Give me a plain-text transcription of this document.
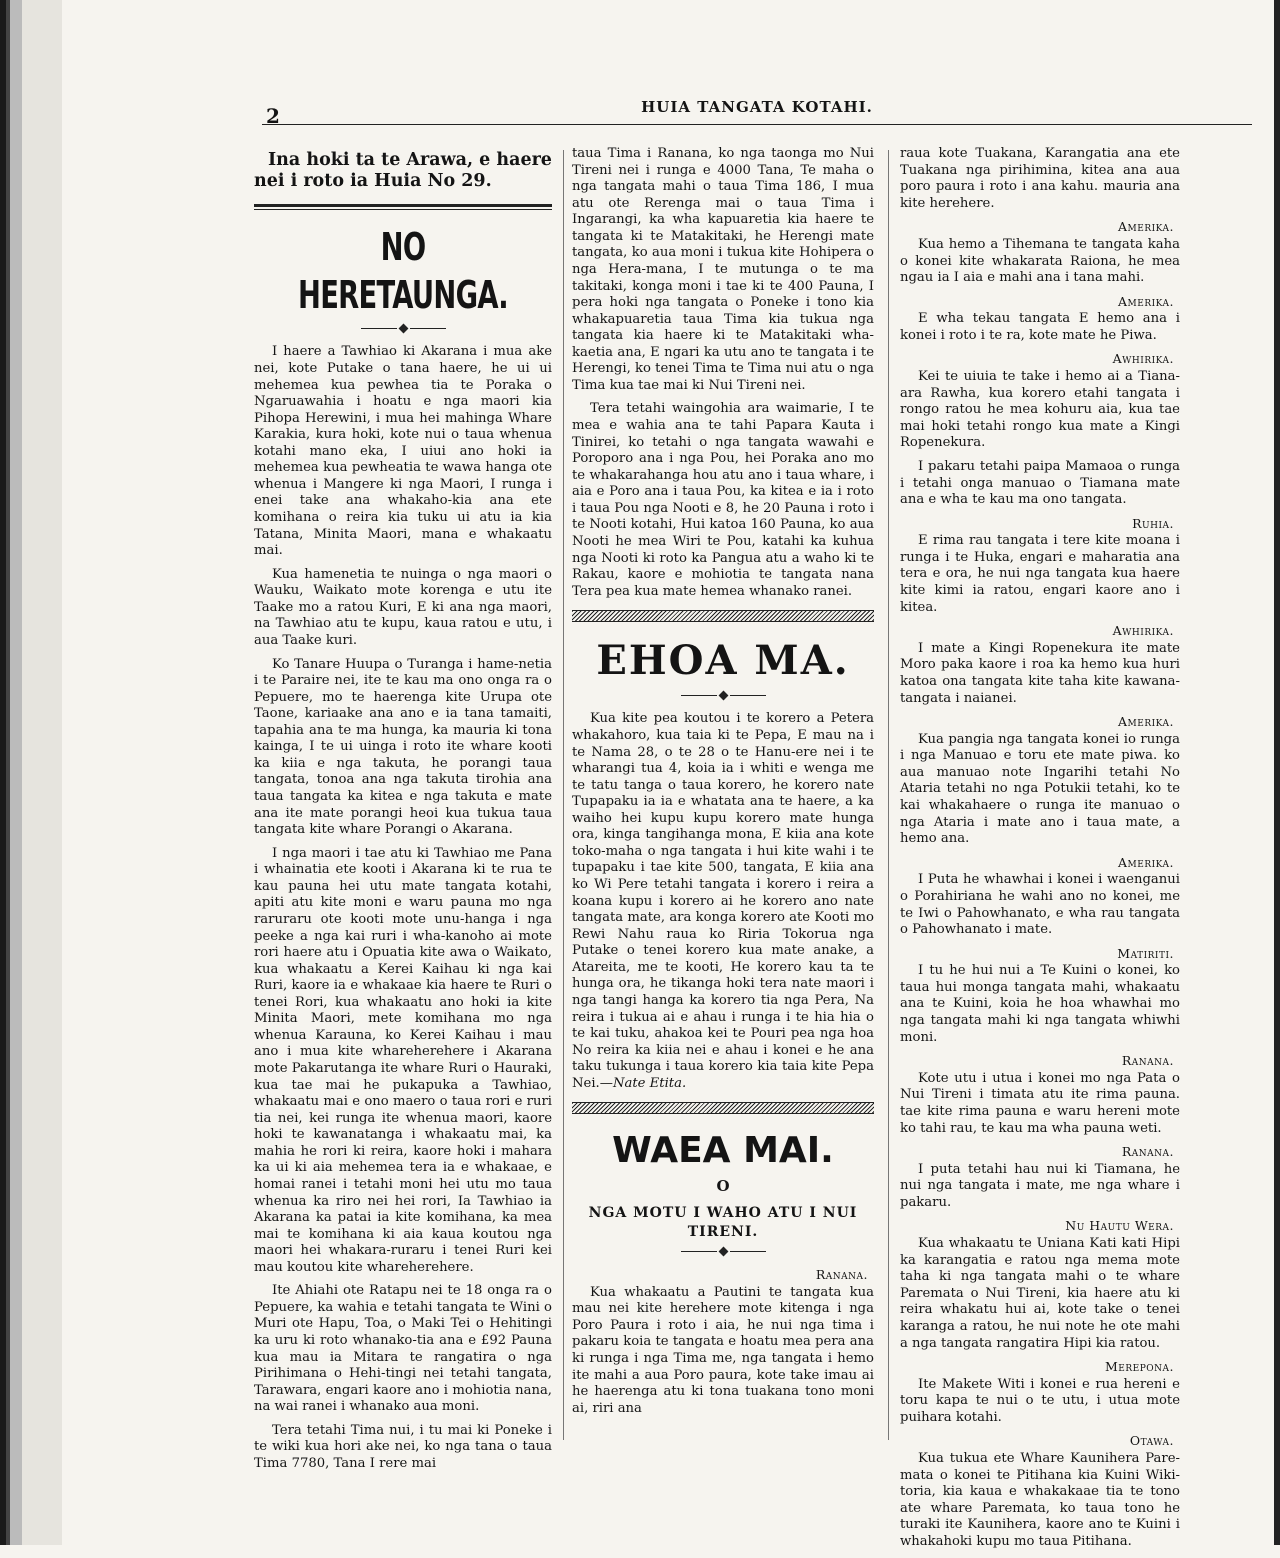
2	HUIA TANGATA KOTAHI.
Ina hoki ta te Arawa, e haere nei i roto ia Huia No 29.
NO HERETAUNGA.

I haere a Tawhiao ki Akarana i mua ake nei, kote Putake o tana haere, he ui ui mehemea kua pewhea tia te Poraka o Ngaruawahia i hoatu e nga maori kia Pihopa Herewini, i mua hei mahinga Whare Karakia, kura hoki, kote nui o taua whenua kotahi mano eka, I uiui ano hoki ia mehemea kua pewheatia te wawa hanga ote whenua i Mangere ki nga Maori, I runga i enei take ana whakaho-kia ana ete komihana o reira kia tuku ui atu ia kia Tatana, Minita Maori, mana e whakaatu mai.

Kua hamenetia te nuinga o nga maori o Wauku, Waikato mote korenga e utu ite Taake mo a ratou Kuri, E ki ana nga maori, na Tawhiao atu te kupu, kaua ratou e utu, i aua Taake kuri.

Ko Tanare Huupa o Turanga i hame-netia i te Paraire nei, ite te kau ma ono onga ra o Pepuere, mo te haerenga kite Urupa ote Taone, kariaake ana ano e ia tana tamaiti, tapahia ana te ma hunga, ka mauria ki tona kainga, I te ui uinga i roto ite whare kooti ka kiia e nga takuta, he porangi taua tangata, tonoa ana nga takuta tirohia ana taua tangata ka kitea e nga takuta e mate ana ite mate porangi heoi kua tukua taua tangata kite whare Porangi o Akarana.

I nga maori i tae atu ki Tawhiao me Pana i whainatia ete kooti i Akarana ki te rua te kau pauna hei utu mate tangata kotahi, apiti atu kite moni e waru pauna mo nga raruraru ote kooti mote unu-hanga i nga peeke a nga kai ruri i wha-kanoho ai mote rori haere atu i Opuatia kite awa o Waikato, kua whakaatu a Kerei Kaihau ki nga kai Ruri, kaore ia e whakaae kia haere te Ruri o tenei Rori, kua whakaatu ano hoki ia kite Minita Maori, mete komihana mo nga whenua Karauna, ko Kerei Kaihau i mau ano i mua kite whareherehere i Akarana mote Pakarutanga ite whare Ruri o Hauraki, kua tae mai he pukapuka a Tawhiao, whakaatu mai e ono maero o taua rori e ruri tia nei, kei runga ite whenua maori, kaore hoki te kawanatanga i whakaatu mai, ka mahia he rori ki reira, kaore hoki i mahara ka ui ki aia mehemea tera ia e whakaae, e homai ranei i tetahi moni hei utu mo taua whenua ka riro nei hei rori, Ia Tawhiao ia Akarana ka patai ia kite komihana, ka mea mai te komihana ki aia kaua koutou nga maori hei whakara-ruraru i tenei Ruri kei mau koutou kite whareherehere.

Ite Ahiahi ote Ratapu nei te 18 onga ra o Pepuere, ka wahia e tetahi tangata te Wini o Muri ote Hapu, Toa, o Maki Tei o Hehitingi ka uru ki roto whanako-tia ana e £92 Pauna kua mau ia Mitara te rangatira o nga Pirihimana o Hehi-tingi nei tetahi tangata, Tarawara, engari kaore ano i mohiotia nana, na wai ranei i whanako aua moni.

Tera tetahi Tima nui, i tu mai ki Poneke i te wiki kua hori ake nei, ko nga tana o taua Tima 7780, Tana I rere mai

taua Tima i Ranana, ko nga taonga mo Nui Tireni nei i runga e 4000 Tana, Te maha o nga tangata mahi o taua Tima 186, I mua atu ote Rerenga mai o taua Tima i Ingarangi, ka wha kapuaretia kia haere te tangata ki te Matakitaki, he Herengi mate tangata, ko aua moni i tukua kite Hohipera o nga Hera-mana, I te mutunga o te ma takitaki, konga moni i tae ki te 400 Pauna, I pera hoki nga tangata o Poneke i tono kia whakapuaretia taua Tima kia tukua nga tangata kia haere ki te Matakitaki wha-kaetia ana, E ngari ka utu ano te tangata i te Herengi, ko tenei Tima te Tima nui atu o nga Tima kua tae mai ki Nui Tireni nei.

Tera tetahi waingohia ara waimarie, I te mea e wahia ana te tahi Papara Kauta i Tinirei, ko tetahi o nga tangata wawahi e Poroporo ana i nga Pou, hei Poraka ano mo te whakarahanga hou atu ano i taua whare, i aia e Poro ana i taua Pou, ka kitea e ia i roto i taua Pou nga Nooti e 8, he 20 Pauna i roto i te Nooti kotahi, Hui katoa 160 Pauna, ko aua Nooti he mea Wiri te Pou, katahi ka kuhua nga Nooti ki roto ka Pangua atu a waho ki te Rakau, kaore e mohiotia te tangata nana Tera pea kua mate hemea whanako ranei.

EHOA MA.

Kua kite pea koutou i te korero a Petera whakahoro, kua taia ki te Pepa, E mau na i te Nama 28, o te 28 o te Hanu-ere nei i te wharangi tua 4, koia ia i whiti e wenga me te tatu tanga o taua korero, he korero nate Tupapaku ia ia e whatata ana te haere, a ka waiho hei kupu kupu korero mate hunga ora, kinga tangihanga mona, E kiia ana kote toko-maha o nga tangata i hui kite wahi i te tupapaku i tae kite 500, tangata, E kiia ana ko Wi Pere tetahi tangata i korero i reira a koana kupu i korero ai he korero ano nate tangata mate, ara konga korero ate Kooti mo Rewi Nahu raua ko Riria Tokorua nga Putake o tenei korero kua mate anake, a Atareita, me te kooti, He korero kau ta te hunga ora, he tikanga hoki tera nate maori i nga tangi hanga ka korero tia nga Pera, Na reira i tukua ai e ahau i runga i te hia hia o te kai tuku, ahakoa kei te Pouri pea nga hoa No reira ka kiia nei e ahau i konei e he ana taku tukunga i taua korero kia taia kite Pepa Nei.—Nate Etita.

WAEA MAI.
O
NGA MOTU I WAHO ATU I NUI TIRENI.
Ranana.

Kua whakaatu a Pautini te tangata kua mau nei kite herehere mote kitenga i nga Poro Paura i roto i aia, he nui nga tima i pakaru koia te tangata e hoatu mea pera ana ki runga i nga Tima me, nga tangata i hemo ite mahi a aua Poro paura, kote take imau ai he haerenga atu ki tona tuakana tono moni ai, riri ana

raua kote Tuakana, Karangatia ana ete Tuakana nga pirihimina, kitea ana aua poro paura i roto i ana kahu. mauria ana kite herehere.

Amerika.

Kua hemo a Tihemana te tangata kaha o konei kite whakarata Raiona, he mea ngau ia I aia e mahi ana i tana mahi.

Amerika.

E wha tekau tangata E hemo ana i konei i roto i te ra, kote mate he Piwa.

Awhirika.

Kei te uiuia te take i hemo ai a Tiana-ara Rawha, kua korero etahi tangata i rongo ratou he mea kohuru aia, kua tae mai hoki tetahi rongo kua mate a Kingi Ropenekura.

I pakaru tetahi paipa Mamaoa o runga i tetahi onga manuao o Tiamana mate ana e wha te kau ma ono tangata.

Ruhia.

E rima rau tangata i tere kite moana i runga i te Huka, engari e maharatia ana tera e ora, he nui nga tangata kua haere kite kimi ia ratou, engari kaore ano i kitea.

Awhirika.

I mate a Kingi Ropenekura ite mate Moro paka kaore i roa ka hemo kua huri katoa ona tangata kite taha kite kawana-tangata i naianei.

Amerika.

Kua pangia nga tangata konei io runga i nga Manuao e toru ete mate piwa. ko aua manuao note Ingarihi tetahi No Ataria tetahi no nga Potukii tetahi, ko te kai whakahaere o runga ite manuao o nga Ataria i mate ano i taua mate, a hemo ana.

Amerika.

I Puta he whawhai i konei i waenganui o Porahiriana he wahi ano no konei, me te Iwi o Pahowhanato, e wha rau tangata o Pahowhanato i mate.

Matiriti.

I tu he hui nui a Te Kuini o konei, ko taua hui monga tangata mahi, whakaatu ana te Kuini, koia he hoa whawhai mo nga tangata mahi ki nga tangata whiwhi moni.

Ranana.

Kote utu i utua i konei mo nga Pata o Nui Tireni i timata atu ite rima pauna. tae kite rima pauna e waru hereni mote ko tahi rau, te kau ma wha pauna weti.

Ranana.

I puta tetahi hau nui ki Tiamana, he nui nga tangata i mate, me nga whare i pakaru.

Nu Hautu Wera.

Kua whakaatu te Uniana Kati kati Hipi ka karangatia e ratou nga mema mote taha ki nga tangata mahi o te whare Paremata o Nui Tireni, kia haere atu ki reira whakatu hui ai, kote take o tenei karanga a ratou, he nui note he ote mahi a nga tangata rangatira Hipi kia ratou.

Merepona.

Ite Makete Witi i konei e rua hereni e toru kapa te nui o te utu, i utua mote puihara kotahi.

Otawa.

Kua tukua ete Whare Kaunihera Pare-mata o konei te Pitihana kia Kuini Wiki-toria, kia kaua e whakakaae tia te tono ate whare Paremata, ko taua tono he turaki ite Kaunihera, kaore ano te Kuini i whakahoki kupu mo taua Pitihana.
